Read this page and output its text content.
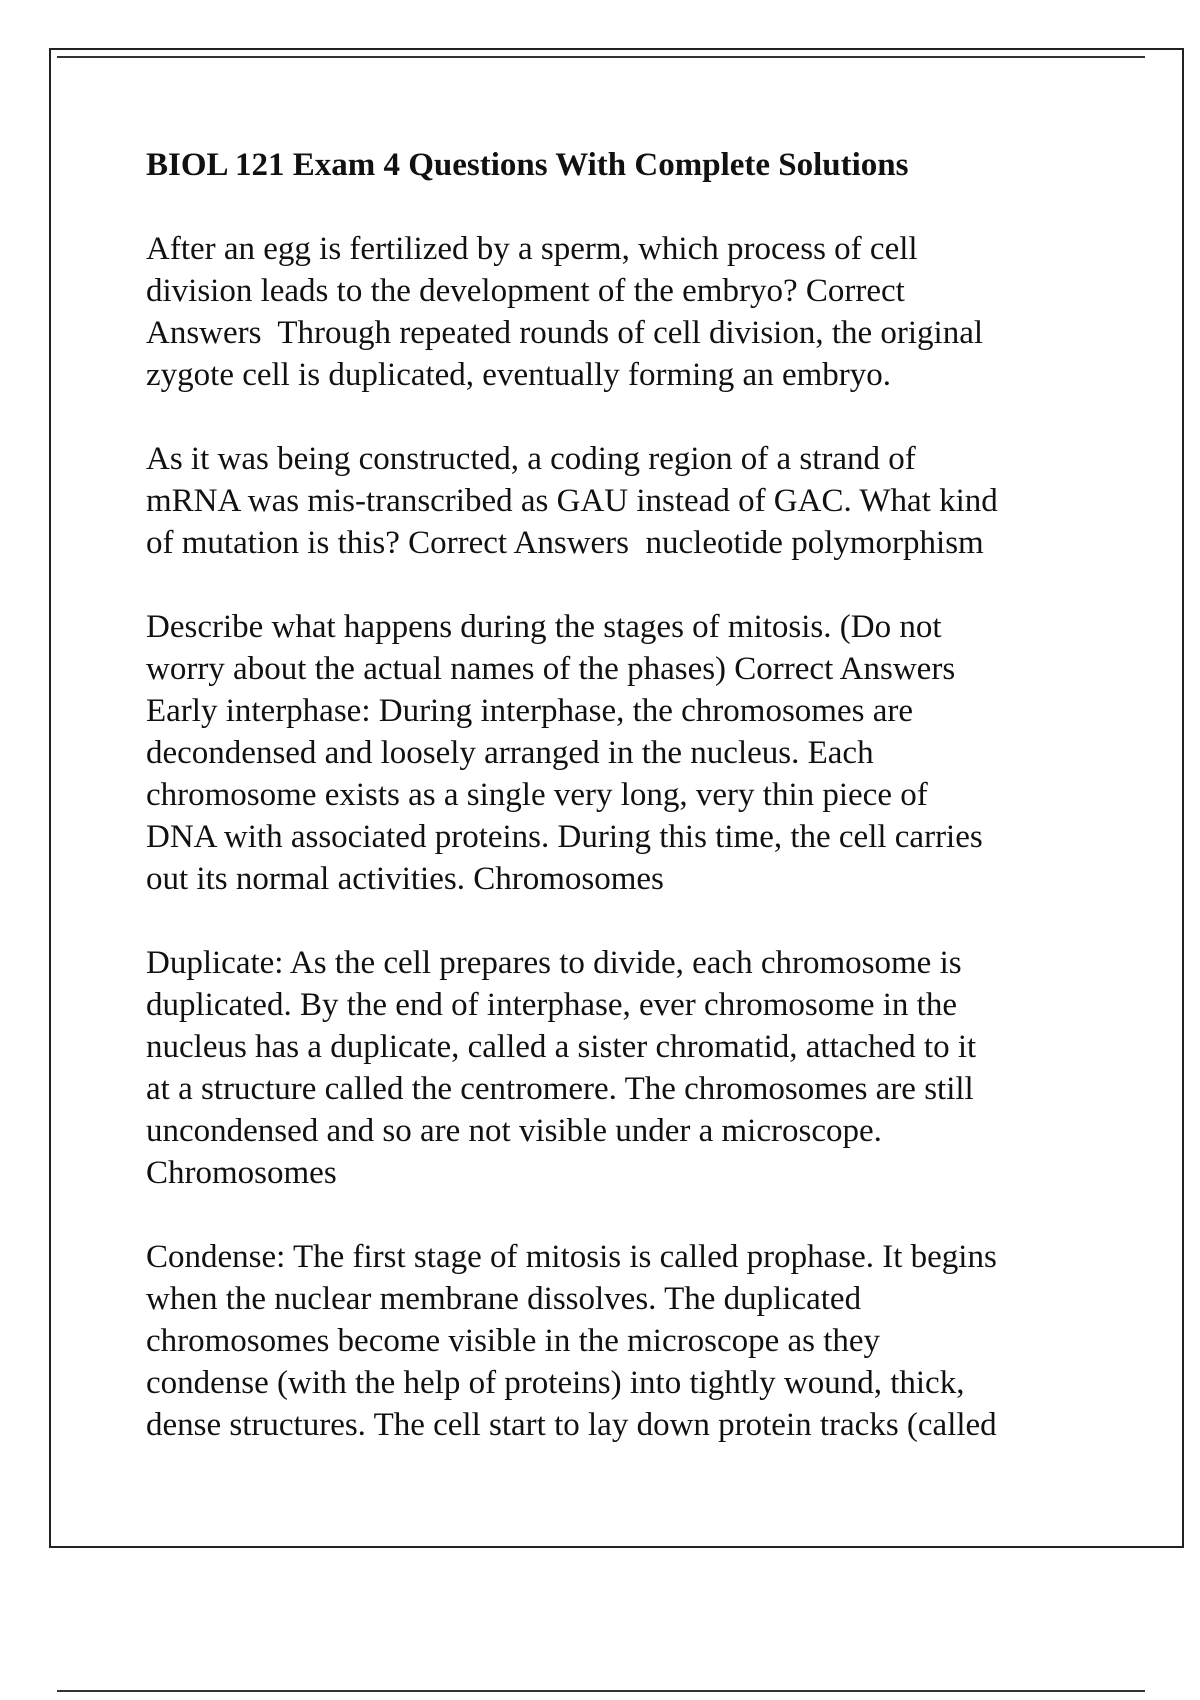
BIOL 121 Exam 4 Questions With Complete Solutions
After an egg is fertilized by a sperm, which process of cell
division leads to the development of the embryo? Correct
Answers  Through repeated rounds of cell division, the original
zygote cell is duplicated, eventually forming an embryo.
As it was being constructed, a coding region of a strand of
mRNA was mis-transcribed as GAU instead of GAC. What kind
of mutation is this? Correct Answers  nucleotide polymorphism
Describe what happens during the stages of mitosis. (Do not
worry about the actual names of the phases) Correct Answers
Early interphase: During interphase, the chromosomes are
decondensed and loosely arranged in the nucleus. Each
chromosome exists as a single very long, very thin piece of
DNA with associated proteins. During this time, the cell carries
out its normal activities. Chromosomes
Duplicate: As the cell prepares to divide, each chromosome is
duplicated. By the end of interphase, ever chromosome in the
nucleus has a duplicate, called a sister chromatid, attached to it
at a structure called the centromere. The chromosomes are still
uncondensed and so are not visible under a microscope.
Chromosomes
Condense: The first stage of mitosis is called prophase. It begins
when the nuclear membrane dissolves. The duplicated
chromosomes become visible in the microscope as they
condense (with the help of proteins) into tightly wound, thick,
dense structures. The cell start to lay down protein tracks (called
